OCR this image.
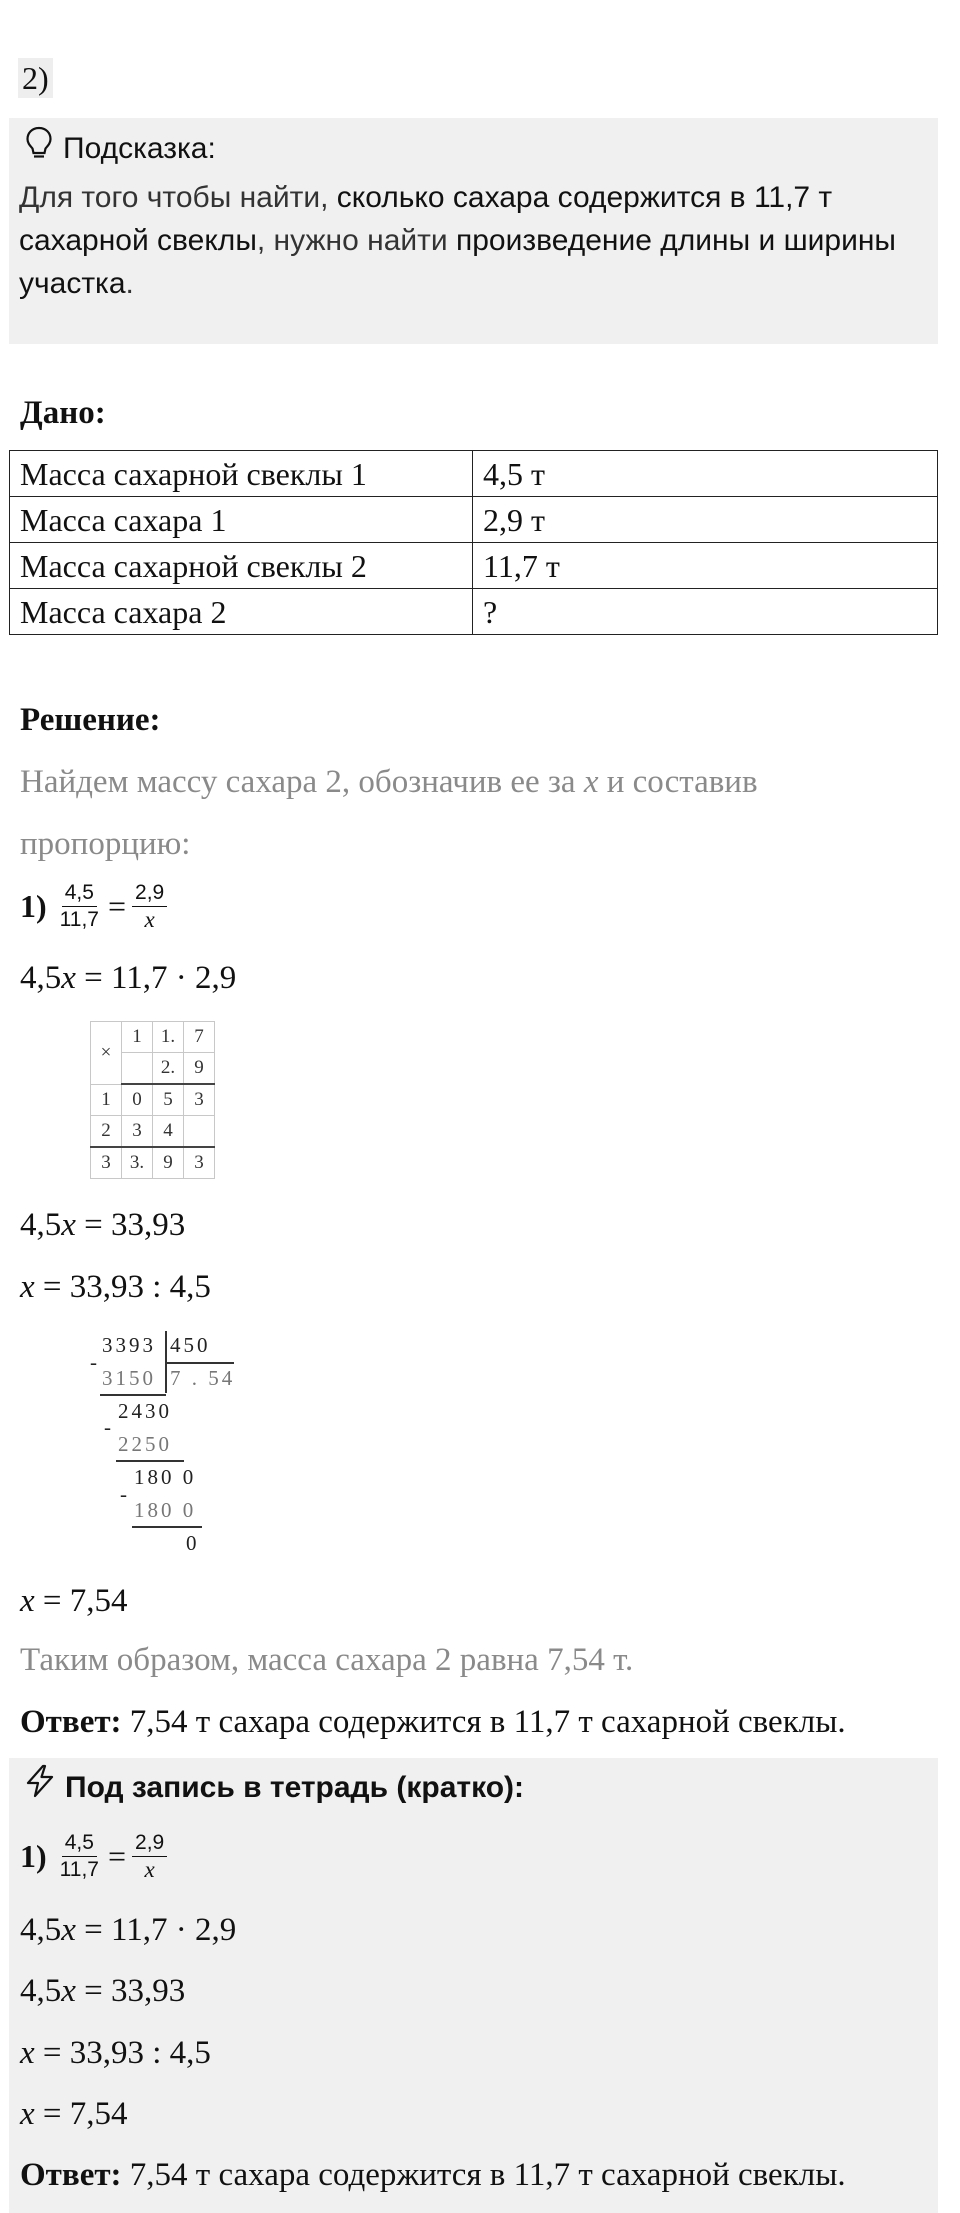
2)
Подсказка:
Для того чтобы найти, сколько сахара содержится в 11,7 т сахарной свеклы, нужно найти произведение длины и ширины участка.
Дано:
Масса сахарной свеклы 1	4,5 т
Масса сахара 1	2,9 т
Масса сахарной свеклы 2	11,7 т
Масса сахара 2	?
Решение:
Найдем массу сахара 2, обозначив ее за x и составив
пропорцию:
$1) \frac{4,5}{11,7} = \frac{2,9}{x}$
4,5x = 11,7 · 2,9
×	1	1.	7
		2.	9
1	0	5	3
2	3	4	
3	3.	9	3
4,5x = 33,93
x = 33,93 : 4,5
3393 450
-
3150 7 . 54
2430
-
2250
180 0
-
180 0
0
x = 7,54
Таким образом, масса сахара 2 равна 7,54 т.
Ответ: 7,54 т сахара содержится в 11,7 т сахарной свеклы.
Под запись в тетрадь (кратко):
$1) \frac{4,5}{11,7} = \frac{2,9}{x}$
4,5x = 11,7 · 2,9
4,5x = 33,93
x = 33,93 : 4,5
x = 7,54
Ответ: 7,54 т сахара содержится в 11,7 т сахарной свеклы.
